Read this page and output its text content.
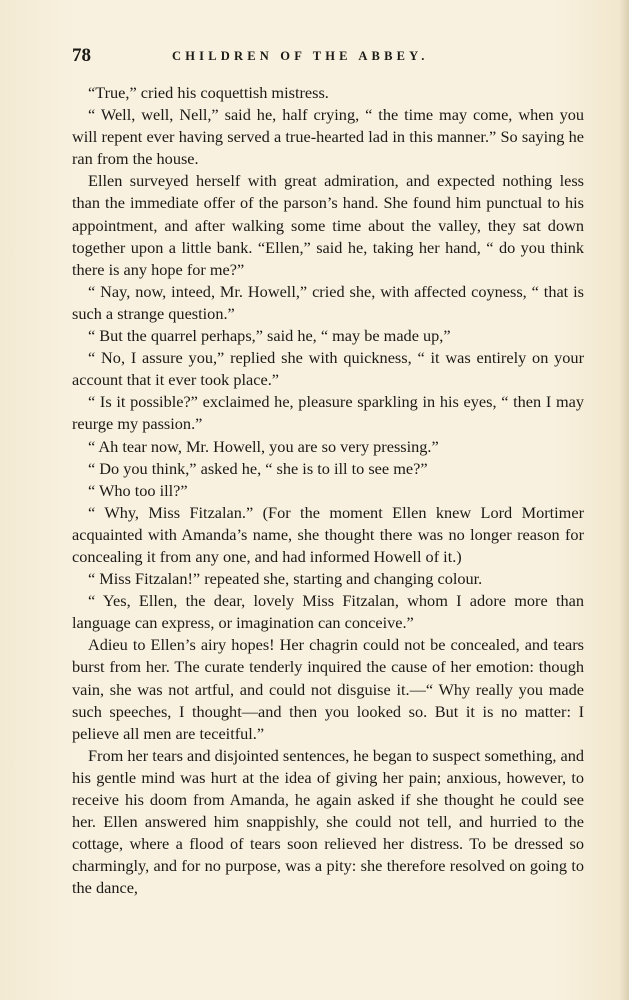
78	CHILDREN OF THE ABBEY.

“True,” cried his coquettish mistress.

“ Well, well, Nell,” said he, half crying, “ the time may come, when you will repent ever having served a true-hearted lad in this manner.” So saying he ran from the house.

Ellen surveyed herself with great admiration, and expected nothing less than the immediate offer of the parson’s hand. She found him punctual to his appointment, and after walking some time about the valley, they sat down together upon a little bank. “Ellen,” said he, taking her hand, “ do you think there is any hope for me?”

“ Nay, now, inteed, Mr. Howell,” cried she, with affected coyness, “ that is such a strange question.”

“ But the quarrel perhaps,” said he, “ may be made up,”

“ No, I assure you,” replied she with quickness, “ it was entirely on your account that it ever took place.”

“ Is it possible?” exclaimed he, pleasure sparkling in his eyes, “ then I may reurge my passion.”

“ Ah tear now, Mr. Howell, you are so very pressing.”

“ Do you think,” asked he, “ she is to ill to see me?”

“ Who too ill?”

“ Why, Miss Fitzalan.” (For the moment Ellen knew Lord Mortimer acquainted with Amanda’s name, she thought there was no longer reason for concealing it from any one, and had informed Howell of it.)

“ Miss Fitzalan!” repeated she, starting and changing colour.

“ Yes, Ellen, the dear, lovely Miss Fitzalan, whom I adore more than language can express, or imagination can conceive.”

Adieu to Ellen’s airy hopes! Her chagrin could not be concealed, and tears burst from her. The curate tenderly inquired the cause of her emotion: though vain, she was not artful, and could not disguise it.—“ Why really you made such speeches, I thought—and then you looked so. But it is no matter: I pelieve all men are teceitful.”

From her tears and disjointed sentences, he began to suspect something, and his gentle mind was hurt at the idea of giving her pain; anxious, however, to receive his doom from Amanda, he again asked if she thought he could see her. Ellen answered him snappishly, she could not tell, and hurried to the cottage, where a flood of tears soon relieved her distress. To be dressed so charmingly, and for no purpose, was a pity: she therefore resolved on going to the dance,
